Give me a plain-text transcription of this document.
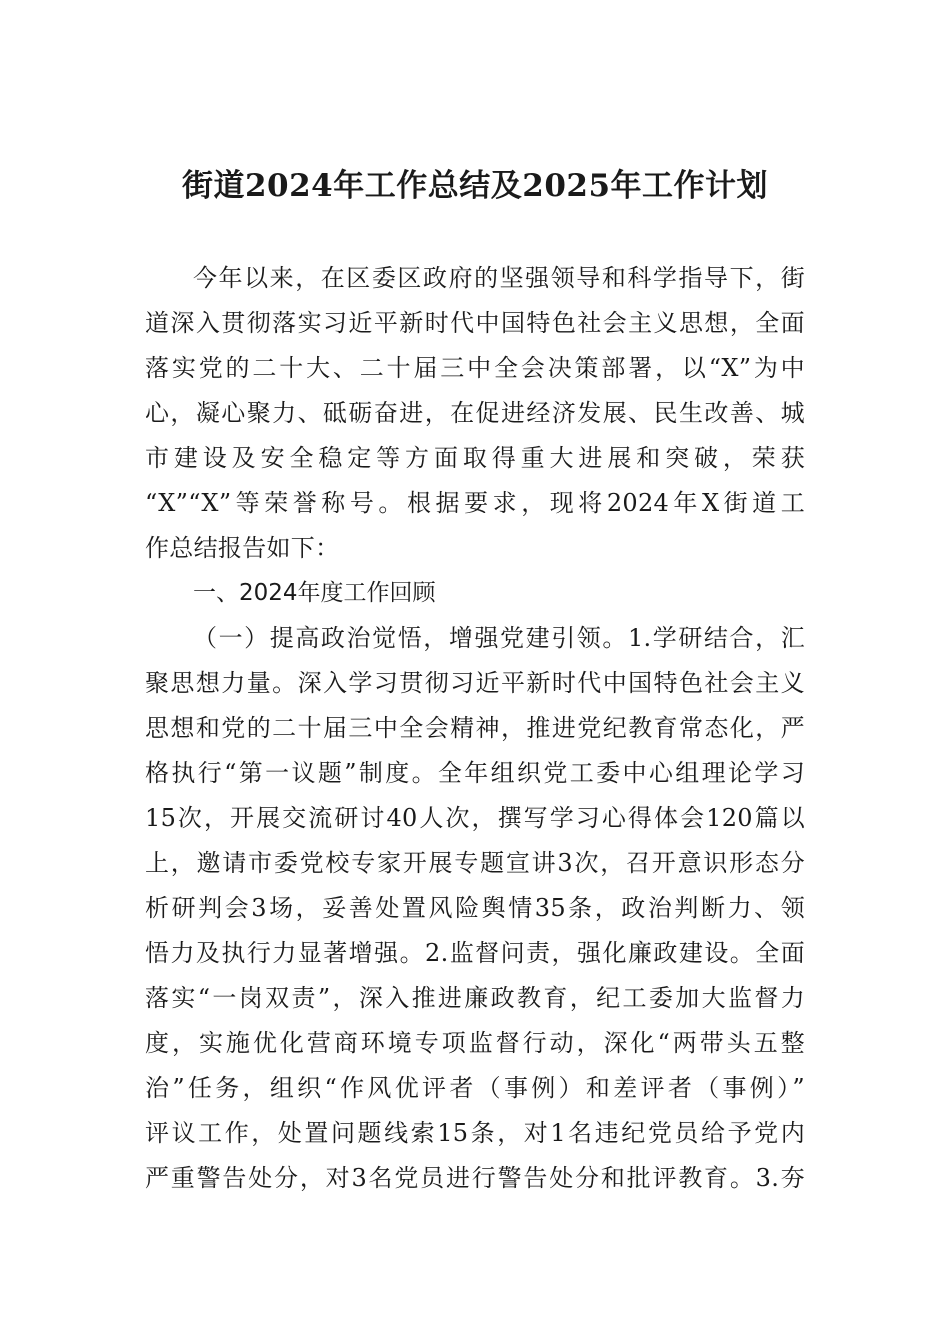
街道2024年工作总结及2025年工作计划
今年以来，在区委区政府的坚强领导和科学指导下，街
道深入贯彻落实习近平新时代中国特色社会主义思想，全面
落实党的二十大、二十届三中全会决策部署，以“X”为中
心，凝心聚力、砥砺奋进，在促进经济发展、民生改善、城
市建设及安全稳定等方面取得重大进展和突破，荣获
“X”“X”等荣誉称号。根据要求，现将2024年X街道工
作总结报告如下：
一、2024年度工作回顾
（一）提高政治觉悟，增强党建引领。1.学研结合，汇
聚思想力量。深入学习贯彻习近平新时代中国特色社会主义
思想和党的二十届三中全会精神，推进党纪教育常态化，严
格执行“第一议题”制度。全年组织党工委中心组理论学习
15次，开展交流研讨40人次，撰写学习心得体会120篇以
上，邀请市委党校专家开展专题宣讲3次，召开意识形态分
析研判会3场，妥善处置风险舆情35条，政治判断力、领
悟力及执行力显著增强。2.监督问责，强化廉政建设。全面
落实“一岗双责”，深入推进廉政教育，纪工委加大监督力
度，实施优化营商环境专项监督行动，深化“两带头五整
治”任务，组织“作风优评者（事例）和差评者（事例）”
评议工作，处置问题线索15条，对1名违纪党员给予党内
严重警告处分，对3名党员进行警告处分和批评教育。3.夯
